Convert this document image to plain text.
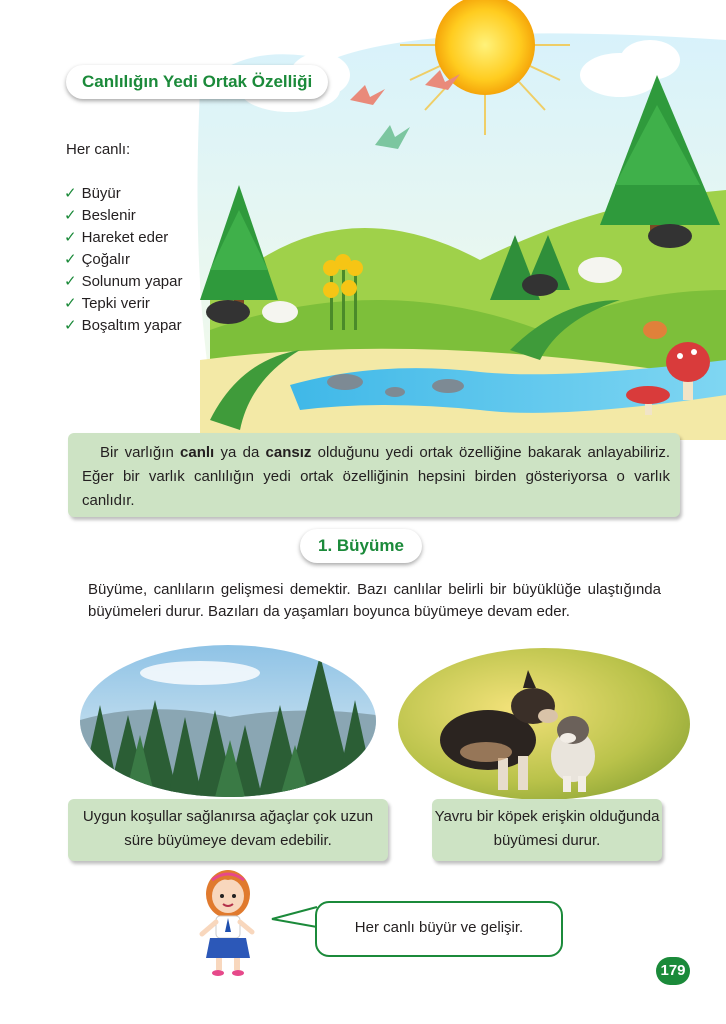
Canlılığın Yedi Ortak Özelliği
Her canlı:
✓ Büyür
✓ Beslenir
✓ Hareket eder
✓ Çoğalır
✓ Solunum yapar
✓ Tepki verir
✓ Boşaltım yapar
Bir varlığın canlı ya da cansız olduğunu yedi ortak özelliğine bakarak anlayabiliriz. Eğer bir varlık canlılığın yedi ortak özelliğinin hepsini birden gösteriyorsa o varlık canlıdır.
1. Büyüme
Büyüme, canlıların gelişmesi demektir. Bazı canlılar belirli bir büyüklüğe ulaştığında büyümeleri durur. Bazıları da yaşamları boyunca büyümeye devam eder.
Uygun koşullar sağlanırsa ağaçlar çok uzun süre büyümeye devam edebilir.
Yavru bir köpek erişkin olduğunda büyümesi durur.
Her canlı büyür ve gelişir.
179
